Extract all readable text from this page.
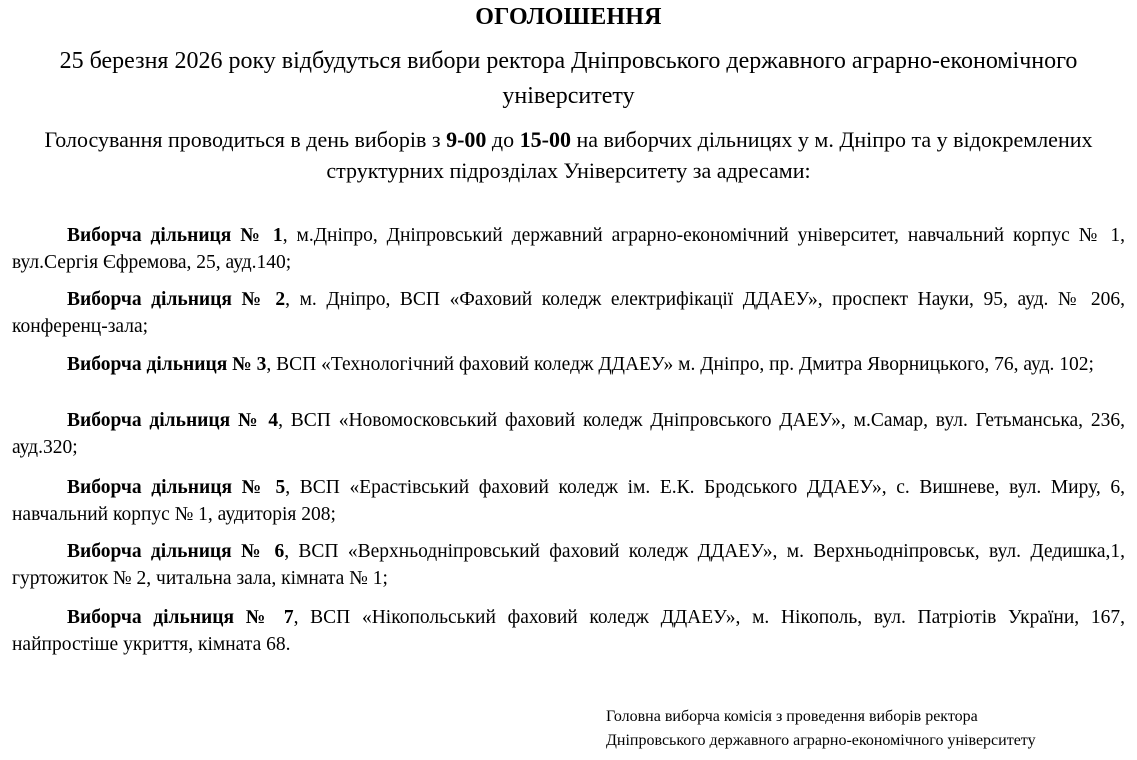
ОГОЛОШЕННЯ
25 березня 2026 року відбудуться вибори ректора Дніпровського державного аграрно-економічного університету
Голосування проводиться в день виборів з 9-00 до 15-00 на виборчих дільницях у м. Дніпро та у відокремлених структурних підрозділах Університету за адресами:

Виборча дільниця № 1, м.Дніпро, Дніпровський державний аграрно-економічний університет, навчальний корпус № 1, вул.Сергія Єфремова, 25, ауд.140;

Виборча дільниця № 2, м. Дніпро, ВСП «Фаховий коледж електрифікації ДДАЕУ», проспект Науки, 95, ауд. № 206, конференц-зала;

Виборча дільниця № 3, ВСП «Технологічний фаховий коледж ДДАЕУ» м. Дніпро, пр. Дмитра Яворницького, 76, ауд. 102;

Виборча дільниця № 4, ВСП «Новомосковський фаховий коледж Дніпровського ДАЕУ», м.Самар, вул. Гетьманська, 236, ауд.320;

Виборча дільниця № 5, ВСП «Ерастівський фаховий коледж ім. Е.К. Бродського ДДАЕУ», с. Вишневе, вул. Миру, 6, навчальний корпус № 1, аудиторія 208;

Виборча дільниця № 6, ВСП «Верхньодніпровський фаховий коледж ДДАЕУ», м. Верхньодніпровськ, вул. Дедишка,1, гуртожиток № 2, читальна зала, кімната № 1;

Виборча дільниця № 7, ВСП «Нікопольський фаховий коледж ДДАЕУ», м. Нікополь, вул. Патріотів України, 167, найпростіше укриття, кімната 68.

Головна виборча комісія з проведення виборів ректора
Дніпровського державного аграрно-економічного університету
